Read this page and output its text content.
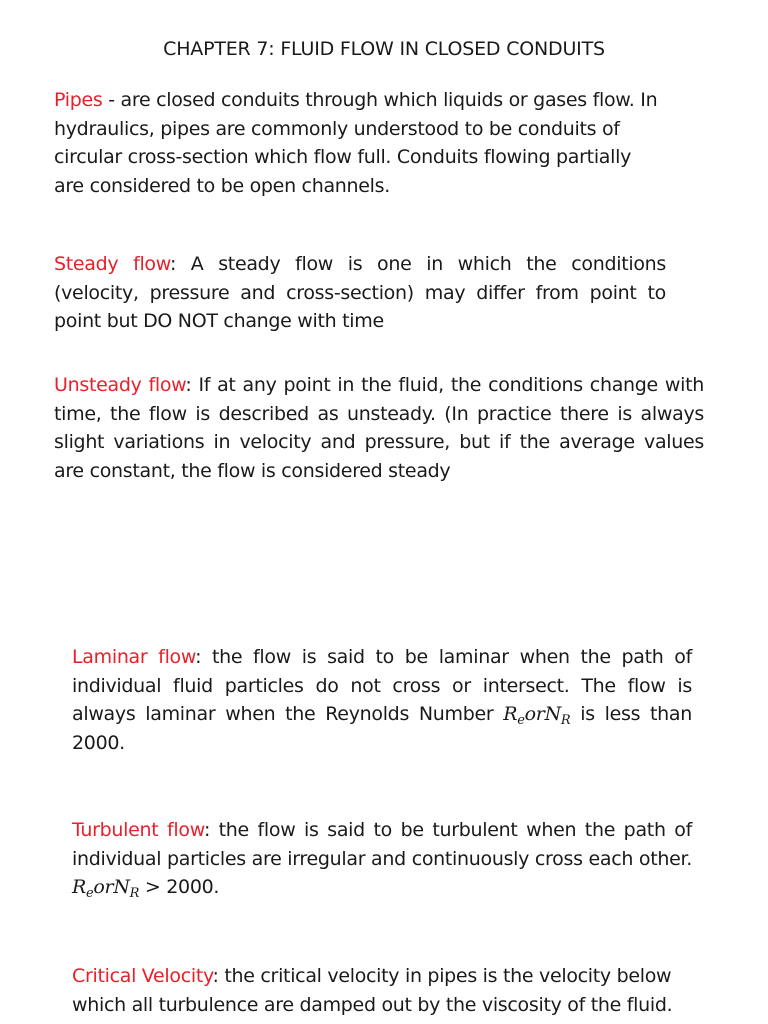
CHAPTER 7: FLUID FLOW IN CLOSED CONDUITS

Pipes - are closed conduits through which liquids or gases flow. In hydraulics, pipes are commonly understood to be conduits of circular cross-section which flow full. Conduits flowing partially are considered to be open channels.

Steady flow: A steady flow is one in which the conditions (velocity, pressure and cross-section) may differ from point to point but DO NOT change with time

Unsteady flow: If at any point in the fluid, the conditions change with time, the flow is described as unsteady. (In practice there is always slight variations in velocity and pressure, but if the average values are constant, the flow is considered steady

Laminar flow: the flow is said to be laminar when the path of individual fluid particles do not cross or intersect. The flow is always laminar when the Reynolds Number $R_eorN_R$ is less than 2000.

Turbulent flow: the flow is said to be turbulent when the path of individual particles are irregular and continuously cross each other. $R_eorN_R > 2000$.

Critical Velocity: the critical velocity in pipes is the velocity below which all turbulence are damped out by the viscosity of the fluid.
